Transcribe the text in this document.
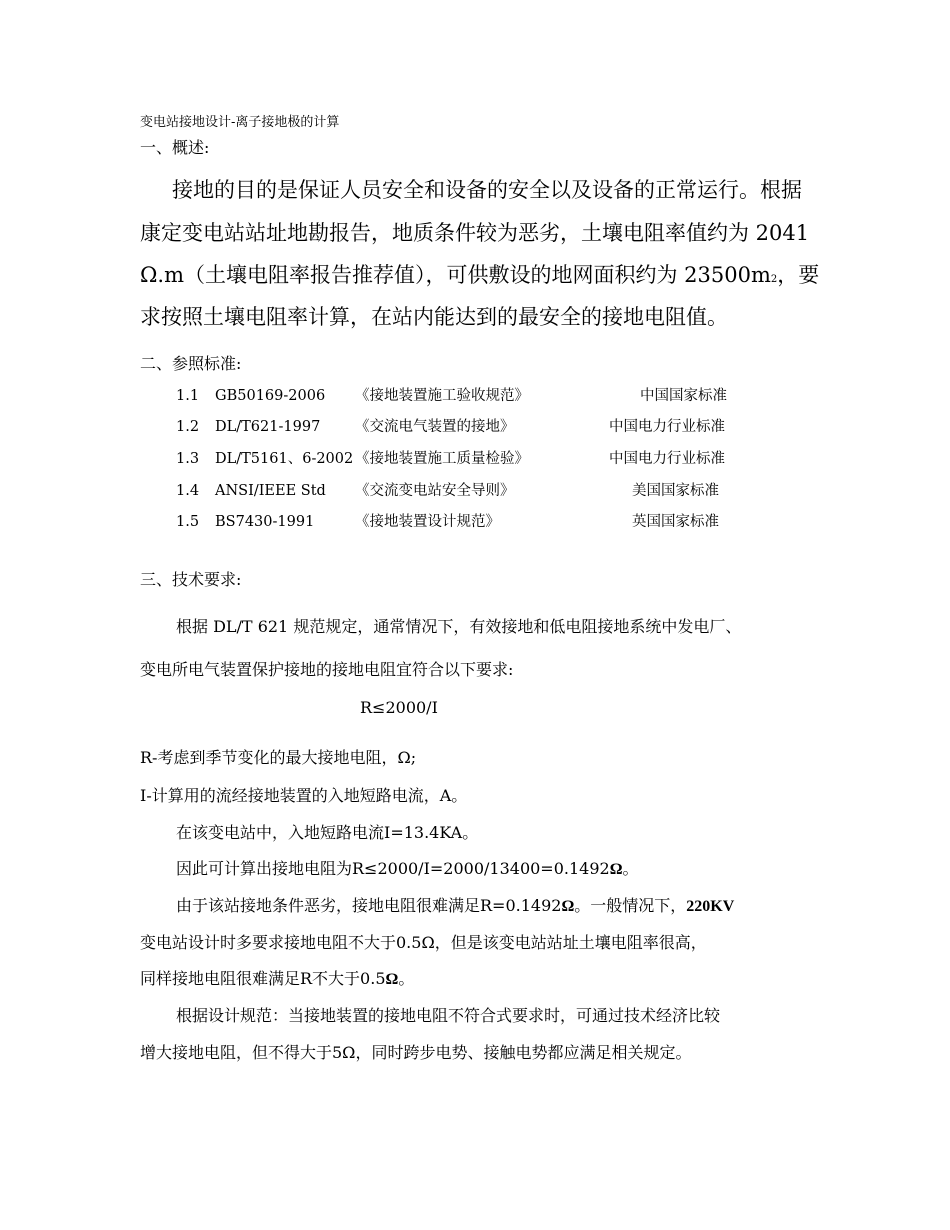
变电站接地设计-离子接地极的计算
一、概述:
接地的目的是保证人员安全和设备的安全以及设备的正常运行。根据
康定变电站站址地勘报告，地质条件较为恶劣，土壤电阻率值约为 2041
Ω.m（土壤电阻率报告推荐值），可供敷设的地网面积约为 23500m2，要
求按照土壤电阻率计算，在站内能达到的最安全的接地电阻值。
二、参照标准:
1.1 GB50169-2006 《接地装置施工验收规范》	中国国家标准
1.2 DL/T621-1997 《交流电气装置的接地》	中国电力行业标准
1.3 DL/T5161、6-2002 《接地装置施工质量检验》	中国电力行业标准
1.4 ANSI/IEEE Std 《交流变电站安全导则》	美国国家标准
1.5 BS7430-1991	《接地装置设计规范》	英国国家标准
三、技术要求:
根据 DL/T 621 规范规定，通常情况下，有效接地和低电阻接地系统中发电厂、
变电所电气装置保护接地的接地电阻宜符合以下要求:
R≤2000/I
R-考虑到季节变化的最大接地电阻，Ω;
I-计算用的流经接地装置的入地短路电流，A。
在该变电站中，入地短路电流I=13.4KA。
因此可计算出接地电阻为R≤2000/I=2000/13400=0.1492Ω。
由于该站接地条件恶劣，接地电阻很难满足R=0.1492Ω。一般情况下，220KV
变电站设计时多要求接地电阻不大于0.5Ω，但是该变电站站址土壤电阻率很高，
同样接地电阻很难满足R不大于0.5Ω。
根据设计规范：当接地装置的接地电阻不符合式要求时，可通过技术经济比较
增大接地电阻，但不得大于5Ω，同时跨步电势、接触电势都应满足相关规定。
